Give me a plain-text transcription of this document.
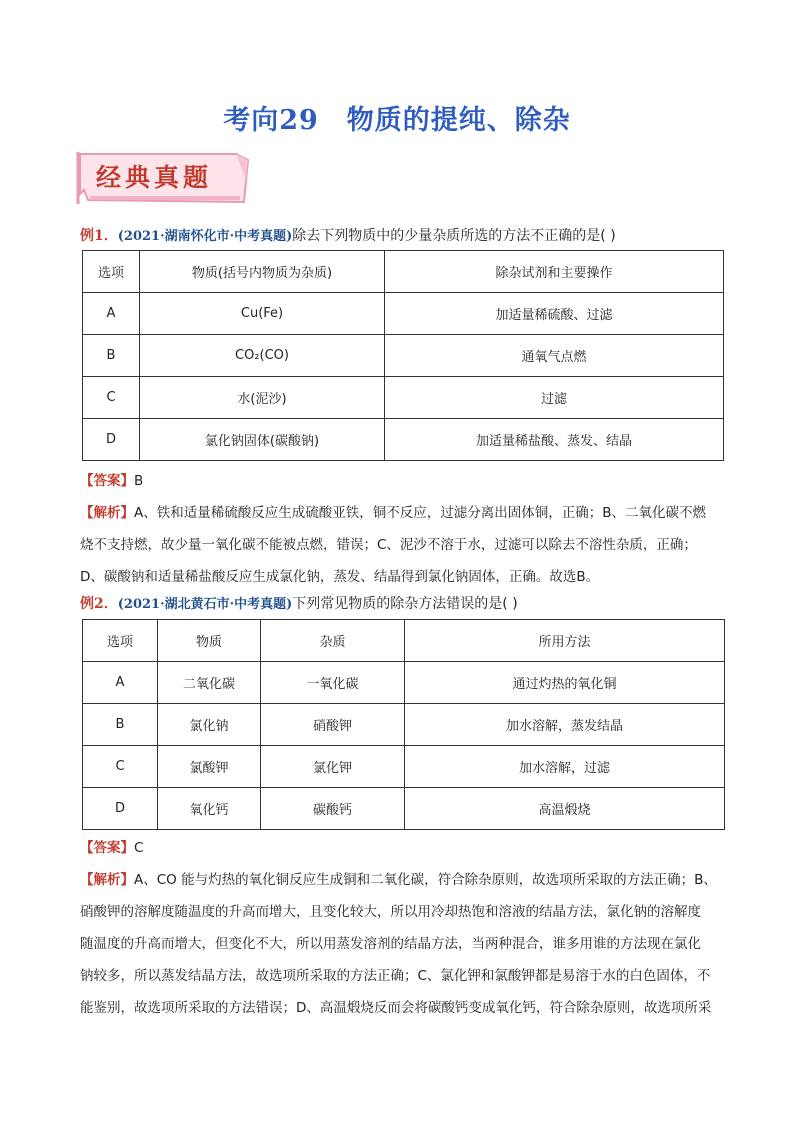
考向29 物质的提纯、除杂
经典真题
例1．(2021·湖南怀化市·中考真题)除去下列物质中的少量杂质所选的方法不正确的是( )
选项	物质(括号内物质为杂质)	除杂试剂和主要操作
A	Cu(Fe)	加适量稀硫酸、过滤
B	CO₂(CO)	通氧气点燃
C	水(泥沙)	过滤
D	氯化钠固体(碳酸钠)	加适量稀盐酸、蒸发、结晶
【答案】B
【解析】A、铁和适量稀硫酸反应生成硫酸亚铁，铜不反应，过滤分离出固体铜，正确；B、二氧化碳不燃
烧不支持燃，故少量一氧化碳不能被点燃，错误；C、泥沙不溶于水，过滤可以除去不溶性杂质，正确；
D、碳酸钠和适量稀盐酸反应生成氯化钠，蒸发、结晶得到氯化钠固体，正确。故选B。
例2．(2021·湖北黄石市·中考真题)下列常见物质的除杂方法错误的是( )
选项	物质	杂质	所用方法
A	二氧化碳	一氧化碳	通过灼热的氧化铜
B	氯化钠	硝酸钾	加水溶解，蒸发结晶
C	氯酸钾	氯化钾	加水溶解，过滤
D	氧化钙	碳酸钙	高温煅烧
【答案】C
【解析】A、CO 能与灼热的氧化铜反应生成铜和二氧化碳，符合除杂原则，故选项所采取的方法正确；B、
硝酸钾的溶解度随温度的升高而增大，且变化较大，所以用冷却热饱和溶液的结晶方法，氯化钠的溶解度
随温度的升高而增大，但变化不大，所以用蒸发溶剂的结晶方法，当两种混合，谁多用谁的方法现在氯化
钠较多，所以蒸发结晶方法，故选项所采取的方法正确；C、氯化钾和氯酸钾都是易溶于水的白色固体，不
能鉴别，故选项所采取的方法错误；D、高温煅烧反而会将碳酸钙变成氧化钙，符合除杂原则，故选项所采
